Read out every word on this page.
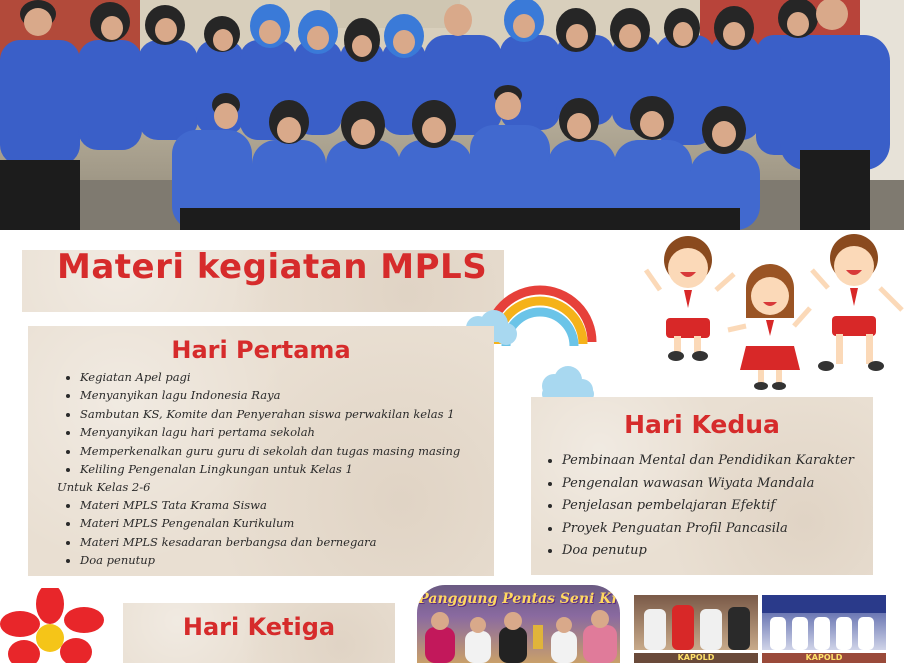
Materi kegiatan MPLS
Hari Pertama
• Kegiatan Apel pagi
• Menyanyikan lagu Indonesia Raya
• Sambutan KS, Komite dan Penyerahan siswa perwakilan kelas 1
• Menyanyikan lagu hari pertama sekolah
• Memperkenalkan guru guru di sekolah dan tugas masing masing
• Keliling Pengenalan Lingkungan untuk Kelas 1
Untuk Kelas 2-6
• Materi MPLS Tata Krama Siswa
• Materi MPLS Pengenalan Kurikulum
• Materi MPLS kesadaran berbangsa dan bernegara
• Doa penutup
Hari Kedua
• Pembinaan Mental dan Pendidikan Karakter
• Pengenalan wawasan Wiyata Mandala
• Penjelasan pembelajaran Efektif
• Proyek Penguatan Profil Pancasila
• Doa penutup
Hari Ketiga
Panggung Pentas Seni Kr
KAPOLD	KAPOLD
